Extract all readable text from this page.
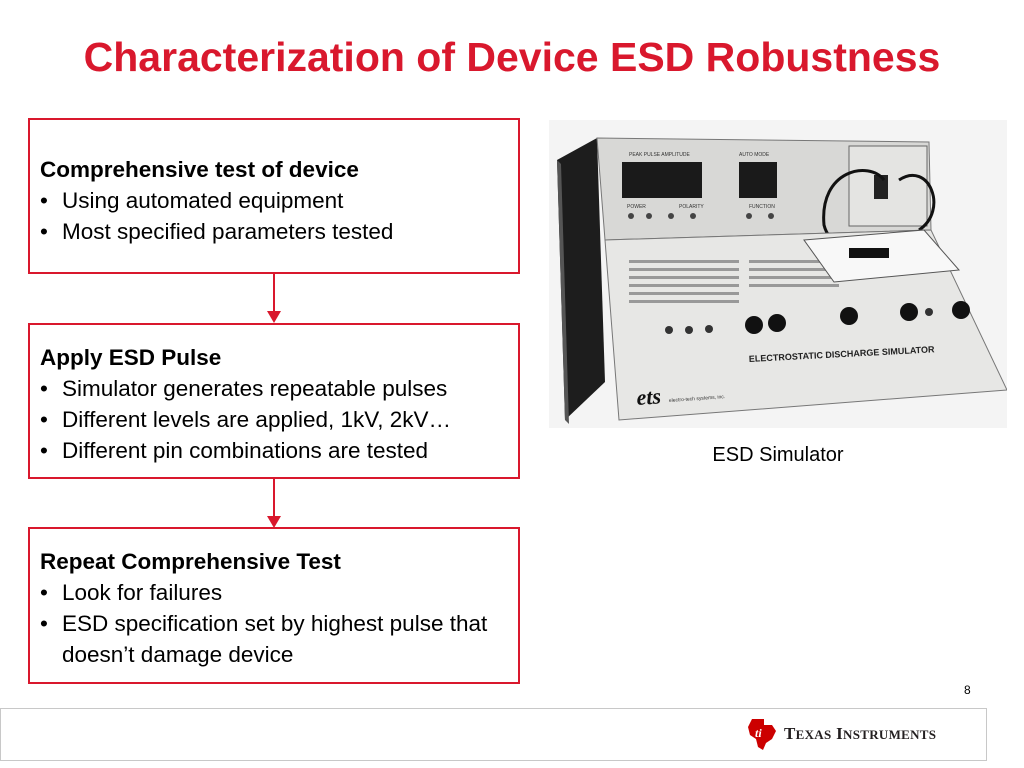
Characterization of Device ESD Robustness
Comprehensive test of device
• Using automated equipment
• Most specified parameters tested
Apply ESD Pulse
• Simulator generates repeatable pulses
• Different levels are applied, 1kV, 2kV…
• Different pin combinations are tested
Repeat Comprehensive Test
• Look for failures
• ESD specification set by highest pulse that doesn’t damage device
PEAK PULSE AMPLITUDE	AUTO MODE
POWER	POLARITY	FUNCTION
ELECTROSTATIC DISCHARGE SIMULATOR
ets electro-tech systems, inc.
ESD Simulator
8
ti TEXAS INSTRUMENTS
